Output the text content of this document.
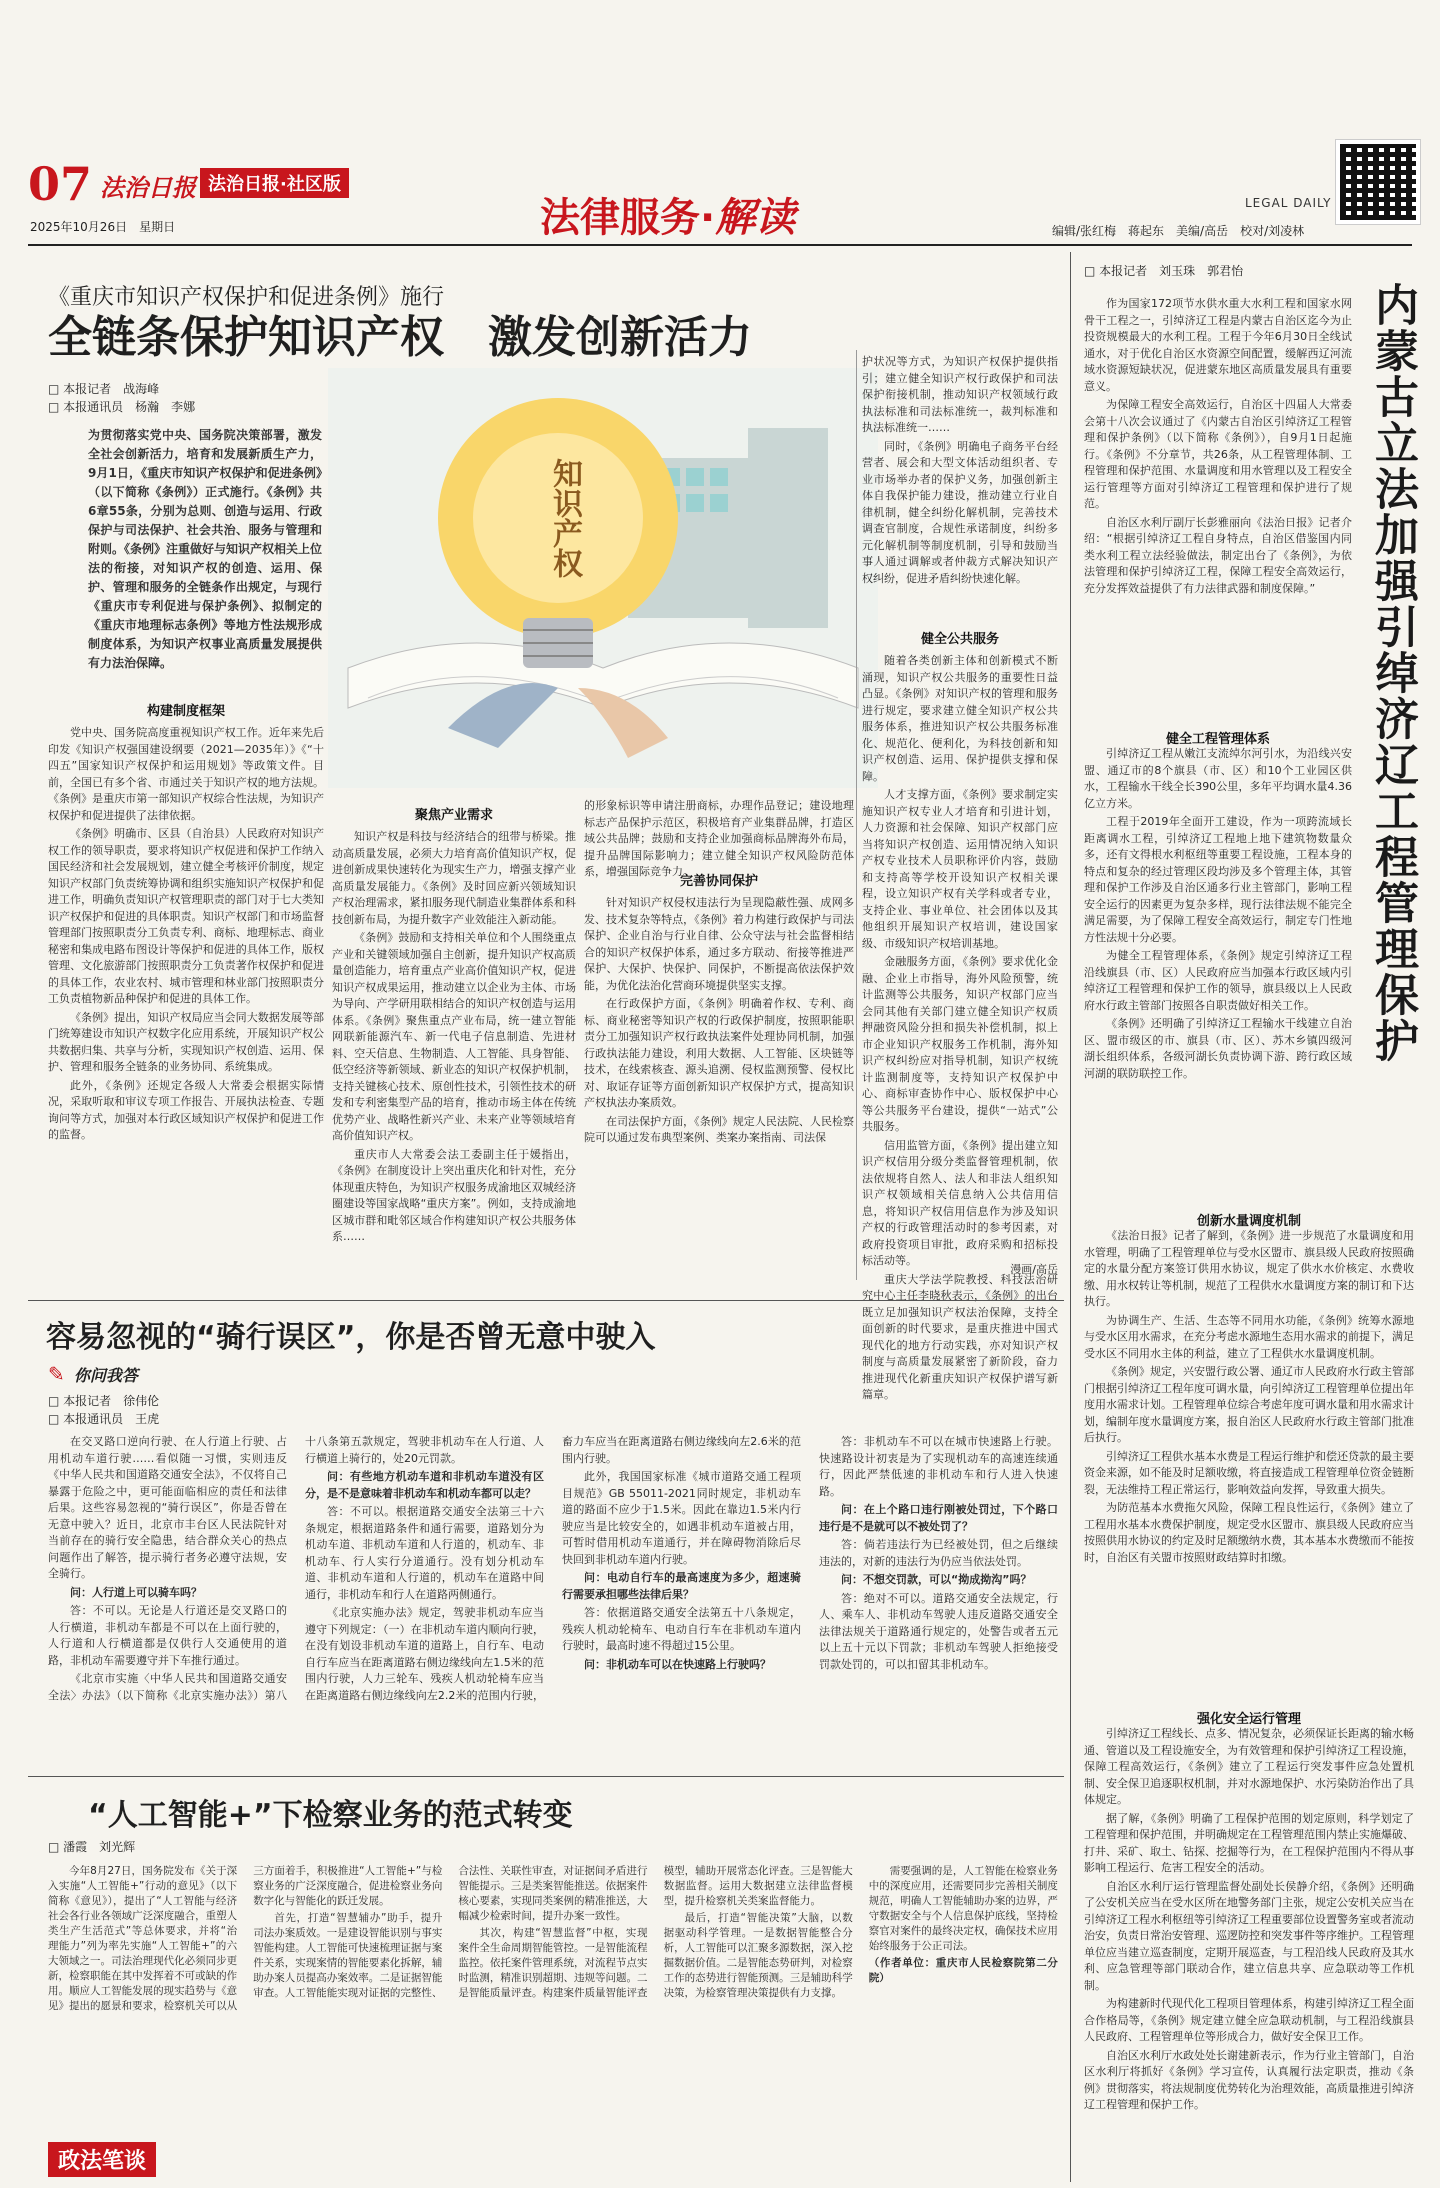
07 法治日报 法治日报·社区版
2025年10月26日　星期日	法律服务·解读	LEGAL DAILY
编辑/张红梅　蒋起东　美编/高岳　校对/刘凌林
《重庆市知识产权保护和促进条例》施行
全链条保护知识产权　激发创新活力
□ 本报记者　战海峰
□ 本报通讯员　杨瀚　李娜
为贯彻落实党中央、国务院决策部署，激发全社会创新活力，培育和发展新质生产力，9月1日，《重庆市知识产权保护和促进条例》（以下简称《条例》）正式施行。《条例》共6章55条，分别为总则、创造与运用、行政保护与司法保护、社会共治、服务与管理和附则。《条例》注重做好与知识产权相关上位法的衔接，对知识产权的创造、运用、保护、管理和服务的全链条作出规定，与现行《重庆市专利促进与保护条例》、拟制定的《重庆市地理标志条例》等地方性法规形成制度体系，为知识产权事业高质量发展提供有力法治保障。
知识产权
构建制度框架

党中央、国务院高度重视知识产权工作。近年来先后印发《知识产权强国建设纲要（2021—2035年）》《“十四五”国家知识产权保护和运用规划》等政策文件。目前，全国已有多个省、市通过关于知识产权的地方法规。《条例》是重庆市第一部知识产权综合性法规，为知识产权保护和促进提供了法律依据。

《条例》明确市、区县（自治县）人民政府对知识产权工作的领导职责，要求将知识产权促进和保护工作纳入国民经济和社会发展规划，建立健全考核评价制度，规定知识产权部门负责统筹协调和组织实施知识产权保护和促进工作，明确负责知识产权管理职责的部门对于七大类知识产权保护和促进的具体职责。知识产权部门和市场监督管理部门按照职责分工负责专利、商标、地理标志、商业秘密和集成电路布图设计等保护和促进的具体工作，版权管理、文化旅游部门按照职责分工负责著作权保护和促进的具体工作，农业农村、城市管理和林业部门按照职责分工负责植物新品种保护和促进的具体工作。

《条例》提出，知识产权局应当会同大数据发展等部门统筹建设市知识产权数字化应用系统，开展知识产权公共数据归集、共享与分析，实现知识产权创造、运用、保护、管理和服务全链条的业务协同、系统集成。

此外，《条例》还规定各级人大常委会根据实际情况，采取听取和审议专项工作报告、开展执法检查、专题询问等方式，加强对本行政区域知识产权保护和促进工作的监督。

聚焦产业需求

知识产权是科技与经济结合的纽带与桥梁。推动高质量发展，必须大力培育高价值知识产权，促进创新成果快速转化为现实生产力，增强支撑产业高质量发展能力。《条例》及时回应新兴领域知识产权治理需求，紧扣服务现代制造业集群体系和科技创新布局，为提升数字产业效能注入新动能。

《条例》鼓励和支持相关单位和个人围绕重点产业和关键领域加强自主创新，提升知识产权高质量创造能力，培育重点产业高价值知识产权，促进知识产权成果运用，推动建立以企业为主体、市场为导向、产学研用联相结合的知识产权创造与运用体系。《条例》聚焦重点产业布局，统一建立智能网联新能源汽车、新一代电子信息制造、先进材料、空天信息、生物制造、人工智能、具身智能、低空经济等新领域、新业态的知识产权保护机制，支持关键核心技术、原创性技术，引领性技术的研发和专利密集型产品的培育，推动市场主体在传统优势产业、战略性新兴产业、未来产业等领域培育高价值知识产权。

重庆市人大常委会法工委副主任于媛指出，《条例》在制度设计上突出重庆化和针对性，充分体现重庆特色，为知识产权服务成渝地区双城经济圈建设等国家战略“重庆方案”。例如，支持成渝地区城市群和毗邻区域合作构建知识产权公共服务体系……

的形象标识等申请注册商标，办理作品登记；建设地理标志产品保护示范区，积极培育产业集群品牌，打造区域公共品牌；鼓励和支持企业加强商标品牌海外布局，提升品牌国际影响力；建立健全知识产权风险防范体系，增强国际竞争力。

完善协同保护

针对知识产权侵权违法行为呈现隐蔽性强、成网多发、技术复杂等特点，《条例》着力构建行政保护与司法保护、企业自治与行业自律、公众守法与社会监督相结合的知识产权保护体系，通过多方联动、衔接等推进严保护、大保护、快保护、同保护，不断提高依法保护效能，为优化法治化营商环境提供坚实支撑。

在行政保护方面，《条例》明确着作权、专利、商标、商业秘密等知识产权的行政保护制度，按照职能职责分工加强知识产权行政执法案件处理协同机制，加强行政执法能力建设，利用大数据、人工智能、区块链等技术，在线索核查、源头追溯、侵权监测预警、侵权比对、取证存证等方面创新知识产权保护方式，提高知识产权执法办案质效。

在司法保护方面，《条例》规定人民法院、人民检察院可以通过发布典型案例、类案办案指南、司法保

护状况等方式，为知识产权保护提供指引；建立健全知识产权行政保护和司法保护衔接机制，推动知识产权领域行政执法标准和司法标准统一，裁判标准和执法标准统一……

同时，《条例》明确电子商务平台经营者、展会和大型文体活动组织者、专业市场举办者的保护义务，加强创新主体自我保护能力建设，推动建立行业自律机制，健全纠纷化解机制，完善技术调查官制度，合规性承诺制度，纠纷多元化解机制等制度机制，引导和鼓励当事人通过调解或者仲裁方式解决知识产权纠纷，促进矛盾纠纷快速化解。

健全公共服务

随着各类创新主体和创新模式不断涌现，知识产权公共服务的重要性日益凸显。《条例》对知识产权的管理和服务进行规定，要求建立健全知识产权公共服务体系，推进知识产权公共服务标准化、规范化、便利化，为科技创新和知识产权创造、运用、保护提供支撑和保障。

人才支撑方面，《条例》要求制定实施知识产权专业人才培育和引进计划，人力资源和社会保障、知识产权部门应当将知识产权创造、运用情况纳入知识产权专业技术人员职称评价内容，鼓励和支持高等学校开设知识产权相关课程，设立知识产权有关学科或者专业，支持企业、事业单位、社会团体以及其他组织开展知识产权培训，建设国家级、市级知识产权培训基地。

金融服务方面，《条例》要求优化金融、企业上市指导，海外风险预警，统计监测等公共服务，知识产权部门应当会同其他有关部门建立健全知识产权质押融资风险分担和损失补偿机制，拟上市企业知识产权服务工作机制，海外知识产权纠纷应对指导机制，知识产权统计监测制度等，支持知识产权保护中心、商标审查协作中心、版权保护中心等公共服务平台建设，提供“一站式”公共服务。

信用监管方面，《条例》提出建立知识产权信用分级分类监督管理机制，依法依规将自然人、法人和非法人组织知识产权领域相关信息纳入公共信用信息，将知识产权信用信息作为涉及知识产权的行政管理活动时的参考因素，对政府投资项目审批，政府采购和招标投标活动等。

重庆大学法学院教授、科技法治研究中心主任李晓秋表示，《条例》的出台既立足加强知识产权法治保障，支持全面创新的时代要求，是重庆推进中国式现代化的地方行动实践，亦对知识产权制度与高质量发展紧密了新阶段，奋力推进现代化新重庆知识产权保护谱写新篇章。

漫画/高岳
容易忽视的“骑行误区”，你是否曾无意中驶入
✎ 你问我答
□ 本报记者　徐伟伦
□ 本报通讯员　王虎

在交叉路口逆向行驶、在人行道上行驶、占用机动车道行驶……看似随一习惯，实则违反《中华人民共和国道路交通安全法》，不仅将自己暴露于危险之中，更可能面临相应的责任和法律后果。这些容易忽视的“骑行误区”，你是否曾在无意中驶入？近日，北京市丰台区人民法院针对当前存在的骑行安全隐患，结合群众关心的热点问题作出了解答，提示骑行者务必遵守法规，安全骑行。

问：人行道上可以骑车吗？

答：不可以。无论是人行道还是交叉路口的人行横道，非机动车都是不可以在上面行驶的，人行道和人行横道都是仅供行人交通使用的道路，非机动车需要遵守并下车推行通过。

《北京市实施〈中华人民共和国道路交通安全法〉办法》（以下简称《北京实施办法》）第八十八条第五款规定，驾驶非机动车在人行道、人行横道上骑行的，处20元罚款。

问：有些地方机动车道和非机动车道没有区分，是不是意味着非机动车和机动车都可以走？

答：不可以。根据道路交通安全法第三十六条规定，根据道路条件和通行需要，道路划分为机动车道、非机动车道和人行道的，机动车、非机动车、行人实行分道通行。没有划分机动车道、非机动车道和人行道的，机动车在道路中间通行，非机动车和行人在道路两侧通行。

《北京实施办法》规定，驾驶非机动车应当遵守下列规定：（一）在非机动车道内顺向行驶，在没有划设非机动车道的道路上，自行车、电动自行车应当在距离道路右侧边缘线向左1.5米的范围内行驶，人力三轮车、残疾人机动轮椅车应当在距离道路右侧边缘线向左2.2米的范围内行驶，畜力车应当在距离道路右侧边缘线向左2.6米的范围内行驶。

此外，我国国家标准《城市道路交通工程项目规范》GB 55011-2021同时规定，非机动车道的路面不应少于1.5米。因此在靠边1.5米内行驶应当是比较安全的，如遇非机动车道被占用，可暂时借用机动车道通行，并在障碍物消除后尽快回到非机动车道内行驶。

问：电动自行车的最高速度为多少，超速骑行需要承担哪些法律后果？

答：依据道路交通安全法第五十八条规定，残疾人机动轮椅车、电动自行车在非机动车道内行驶时，最高时速不得超过15公里。

问：非机动车可以在快速路上行驶吗？

答：非机动车不可以在城市快速路上行驶。快速路设计初衷是为了实现机动车的高速连续通行，因此严禁低速的非机动车和行人进入快速路。

问：在上个路口违行刚被处罚过，下个路口违行是不是就可以不被处罚了？

答：倘若违法行为已经被处罚，但之后继续违法的，对新的违法行为仍应当依法处罚。

问：不想交罚款，可以“拗成拗沟”吗？

答：绝对不可以。道路交通安全法规定，行人、乘车人、非机动车驾驶人违反道路交通安全法律法规关于道路通行规定的，处警告或者五元以上五十元以下罚款；非机动车驾驶人拒绝接受罚款处罚的，可以扣留其非机动车。

“人工智能+”下检察业务的范式转变
□ 潘霞　刘光辉

今年8月27日，国务院发布《关于深入实施“人工智能+”行动的意见》（以下简称《意见》），提出了“人工智能与经济社会各行业各领域广泛深度融合，重塑人类生产生活范式”等总体要求，并将“治理能力”列为率先实施“人工智能+”的六大领域之一。司法治理现代化必须同步更新，检察职能在其中发挥着不可或缺的作用。顺应人工智能发展的现实趋势与《意见》提出的愿景和要求，检察机关可以从三方面着手，积极推进“人工智能+”与检察业务的广泛深度融合，促进检察业务向数字化与智能化的跃迁发展。

首先，打造“智慧辅办”助手，提升司法办案质效。一是建设智能识别与事实智能构建。人工智能可快速梳理证据与案件关系，实现案情的智能要素化拆解，辅助办案人员提高办案效率。二是证据智能审查。人工智能能实现对证据的完整性、合法性、关联性审查，对证据间矛盾进行智能提示。三是类案智能推送。依据案件核心要素，实现同类案例的精准推送，大幅减少检索时间，提升办案一致性。

其次，构建“智慧监督”中枢，实现案件全生命周期智能管控。一是智能流程监控。依托案件管理系统，对流程节点实时监测，精准识别超期、违规等问题。二是智能质量评查。构建案件质量智能评查模型，辅助开展常态化评查。三是智能大数据监督。运用大数据建立法律监督模型，提升检察机关类案监督能力。

最后，打造“智能决策”大脑，以数据驱动科学管理。一是数据智能整合分析，人工智能可以汇聚多源数据，深入挖掘数据价值。二是智能态势研判，对检察工作的态势进行智能预测。三是辅助科学决策，为检察管理决策提供有力支撑。

需要强调的是，人工智能在检察业务中的深度应用，还需要同步完善相关制度规范，明确人工智能辅助办案的边界，严守数据安全与个人信息保护底线，坚持检察官对案件的最终决定权，确保技术应用始终服务于公正司法。

（作者单位：重庆市人民检察院第二分院）

政法笔谈
□ 本报记者　刘玉珠　郭君怡
内蒙古立法加强引绰济辽工程管理保护

作为国家172项节水供水重大水利工程和国家水网骨干工程之一，引绰济辽工程是内蒙古自治区迄今为止投资规模最大的水利工程。工程于今年6月30日全线试通水，对于优化自治区水资源空间配置，缓解西辽河流域水资源短缺状况，促进蒙东地区高质量发展具有重要意义。

为保障工程安全高效运行，自治区十四届人大常委会第十八次会议通过了《内蒙古自治区引绰济辽工程管理和保护条例》（以下简称《条例》），自9月1日起施行。《条例》不分章节，共26条，从工程管理体制、工程管理和保护范围、水量调度和用水管理以及工程安全运行管理等方面对引绰济辽工程管理和保护进行了规范。

自治区水利厅副厅长彭雅丽向《法治日报》记者介绍：“根据引绰济辽工程自身特点，自治区借鉴国内同类水利工程立法经验做法，制定出台了《条例》，为依法管理和保护引绰济辽工程，保障工程安全高效运行，充分发挥效益提供了有力法律武器和制度保障。”

健全工程管理体系

引绰济辽工程从嫩江支流绰尔河引水，为沿线兴安盟、通辽市的8个旗县（市、区）和10个工业园区供水，工程输水干线全长390公里，多年平均调水量4.36亿立方米。

工程于2019年全面开工建设，作为一项跨流域长距离调水工程，引绰济辽工程地上地下建筑物数量众多，还有文得根水利枢纽等重要工程设施，工程本身的特点和复杂的经过管理区段均涉及多个管理主体，其管理和保护工作涉及自治区通多行业主管部门，影响工程安全运行的因素更为复杂多样，现行法律法规不能完全满足需要，为了保障工程安全高效运行，制定专门性地方性法规十分必要。

为健全工程管理体系，《条例》规定引绰济辽工程沿线旗县（市、区）人民政府应当加强本行政区域内引绰济辽工程管理和保护工作的领导，旗县级以上人民政府水行政主管部门按照各自职责做好相关工作。

《条例》还明确了引绰济辽工程输水干线建立自治区、盟市级区的市、旗县（市、区）、苏木乡镇四级河湖长组织体系，各级河湖长负责协调下游、跨行政区域河湖的联防联控工作。

创新水量调度机制

《法治日报》记者了解到，《条例》进一步规范了水量调度和用水管理，明确了工程管理单位与受水区盟市、旗县级人民政府按照确定的水量分配方案签订供用水协议，规定了供水水价核定、水费收缴、用水权转让等机制，规范了工程供水水量调度方案的制订和下达执行。

为协调生产、生活、生态等不同用水功能，《条例》统筹水源地与受水区用水需求，在充分考虑水源地生态用水需求的前提下，满足受水区不同用水主体的利益，建立了工程供水水量调度机制。

《条例》规定，兴安盟行政公署、通辽市人民政府水行政主管部门根据引绰济辽工程年度可调水量，向引绰济辽工程管理单位提出年度用水需求计划。工程管理单位综合考虑年度可调水量和用水需求计划，编制年度水量调度方案，报自治区人民政府水行政主管部门批准后执行。

引绰济辽工程供水基本水费是工程运行维护和偿还贷款的最主要资金来源，如不能及时足额收缴，将直接造成工程管理单位资金链断裂，无法维持工程正常运行，影响效益向发挥，导致重大损失。

为防范基本水费拖欠风险，保障工程良性运行，《条例》建立了工程用水基本水费保护制度，规定受水区盟市、旗县级人民政府应当按照供用水协议的约定及时足额缴纳水费，其本基本水费缴而不能按时，自治区有关盟市按照财政结算时扣缴。

强化安全运行管理

引绰济辽工程线长、点多、情况复杂，必须保证长距离的输水畅通、管道以及工程设施安全，为有效管理和保护引绰济辽工程设施，保障工程高效运行，《条例》建立了工程运行突发事件应急处置机制、安全保卫追逐职权机制，并对水源地保护、水污染防治作出了具体规定。

据了解，《条例》明确了工程保护范围的划定原则，科学划定了工程管理和保护范围，并明确规定在工程管理范围内禁止实施爆破、打井、采矿、取土、钻探、挖掘等行为，在工程保护范围内不得从事影响工程运行、危害工程安全的活动。

自治区水利厅运行管理监督处副处长侯静介绍，《条例》还明确了公安机关应当在受水区所在地警务部门主张，规定公安机关应当在引绰济辽工程水利枢纽等引绰济辽工程重要部位设置警务室或者流动治安，负责日常治安管理、巡逻防控和突发事件等序维护。工程管理单位应当建立巡查制度，定期开展巡查，与工程沿线人民政府及其水利、应急管理等部门联动合作，建立信息共享、应急联动等工作机制。

为构建新时代现代化工程项目管理体系，构建引绰济辽工程全面合作格局等，《条例》规定建立健全应急联动机制，与工程沿线旗县人民政府、工程管理单位等形成合力，做好安全保卫工作。

自治区水利厅水政处处长谢建新表示，作为行业主管部门，自治区水利厅将抓好《条例》学习宣传，认真履行法定职责，推动《条例》贯彻落实，将法规制度优势转化为治理效能，高质量推进引绰济辽工程管理和保护工作。
